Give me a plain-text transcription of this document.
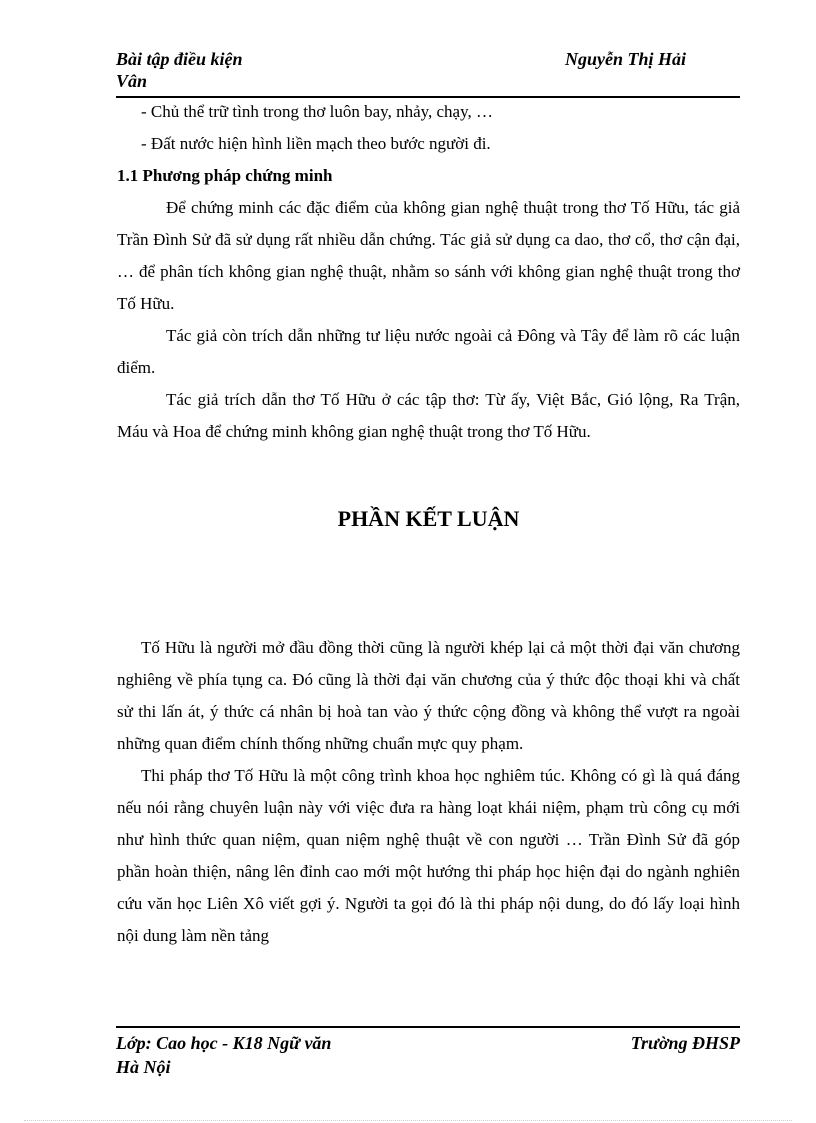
Bài tập điều kiện
Vân
Nguyễn Thị Hải

- Chủ thể trữ tình trong thơ luôn bay, nhảy, chạy, …

- Đất nước hiện hình liền mạch theo bước người đi.

1.1 Phương pháp chứng minh

Để chứng minh các đặc điểm của không gian nghệ thuật trong thơ Tố Hữu, tác giả Trần Đình Sử đã sử dụng rất nhiều dẫn chứng. Tác giả sử dụng ca dao, thơ cổ, thơ cận đại, … để phân tích không gian nghệ thuật, nhằm so sánh với không gian nghệ thuật trong thơ Tố Hữu.

Tác giả còn trích dẫn những tư liệu nước ngoài cả Đông và Tây để làm rõ các luận điểm.

Tác giả trích dẫn thơ Tố Hữu ở các tập thơ: Từ ấy, Việt Bắc, Gió lộng, Ra Trận, Máu và Hoa để chứng minh không gian nghệ thuật trong thơ Tố Hữu.

PHẦN KẾT LUẬN

Tố Hữu là người mở đầu đồng thời cũng là người khép lại cả một thời đại văn chương nghiêng về phía tụng ca. Đó cũng là thời đại văn chương của ý thức độc thoại khi và chất sử thi lấn át, ý thức cá nhân bị hoà tan vào ý thức cộng đồng và không thể vượt ra ngoài những quan điểm chính thống những chuẩn mực quy phạm.

Thi pháp thơ Tố Hữu là một công trình khoa học nghiêm túc. Không có gì là quá đáng nếu nói rằng chuyên luận này với việc đưa ra hàng loạt khái niệm, phạm trù công cụ mới như hình thức quan niệm, quan niệm nghệ thuật về con người … Trần Đình Sử đã góp phần hoàn thiện, nâng lên đỉnh cao mới một hướng thi pháp học hiện đại do ngành nghiên cứu văn học Liên Xô viết gợi ý. Người ta gọi đó là thi pháp nội dung, do đó lấy loại hình nội dung làm nền tảng

Lớp: Cao học - K18 Ngữ văn
Hà Nội
Trường ĐHSP
